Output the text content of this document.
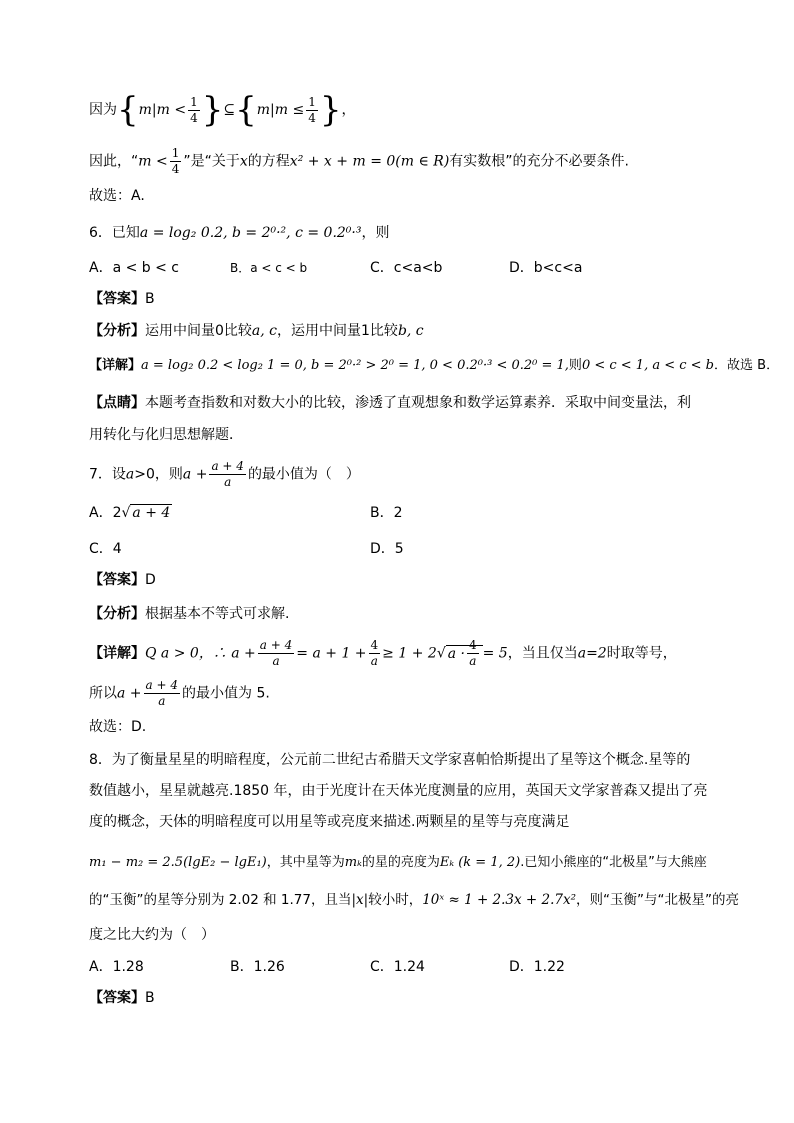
因为{$m|m < \frac{1}{4}$ }⊆{m|m ≤ $\frac{1}{4}$ }，
因此，“$m < \frac{1}{4}$ ”是“关于x的方程x² + x + m = 0(m ∈ R)有实数根”的充分不必要条件.
故选：A.
6．已知a = log₂ 0.2, b = 2⁰·², c = 0.2⁰·³，则
A．a < b < c	B．a < c < b	C．c<a<b	D．b<c<a
【答案】B
【分析】运用中间量0比较a, c，运用中间量1比较b, c
【详解】a = log₂ 0.2 < log₂ 1 = 0, b = 2⁰·² > 2⁰ = 1, 0 < 0.2⁰·³ < 0.2⁰ = 1,则0 < c < 1, a < c < b．故选 B．
【点睛】本题考查指数和对数大小的比较，渗透了直观想象和数学运算素养．采取中间变量法，利
用转化与化归思想解题．
7．设a>0，则$a + \frac{a + 4}{a}$ 的最小值为（　）
A．2√ a + 4	B．2
C．4	D．5
【答案】D
【分析】根据基本不等式可求解.
【详解】Q a > 0，∴ $a + \frac{a + 4}{a} = a + 1 + \frac{4}{a} \ge 1 + 2√$ $a \cdot \frac{4}{a} = 5$，当且仅当a=2时取等号，
所以$a + \frac{a + 4}{a}$ 的最小值为 5.
故选：D.
8．为了衡量星星的明暗程度，公元前二世纪古希腊天文学家喜帕恰斯提出了星等这个概念.星等的
数值越小，星星就越亮.1850 年，由于光度计在天体光度测量的应用，英国天文学家普森又提出了亮
度的概念，天体的明暗程度可以用星等或亮度来描述.两颗星的星等与亮度满足
m₁ − m₂ = 2.5(lgE₂ − lgE₁)，其中星等为mₖ的星的亮度为Eₖ (k = 1, 2).已知小熊座的“北极星”与大熊座
的“玉衡”的星等分别为 2.02 和 1.77，且当|x|较小时，10ˣ ≈ 1 + 2.3x + 2.7x²，则“玉衡”与“北极星”的亮
度之比大约为（　）
A．1.28	B．1.26	C．1.24	D．1.22
【答案】B
